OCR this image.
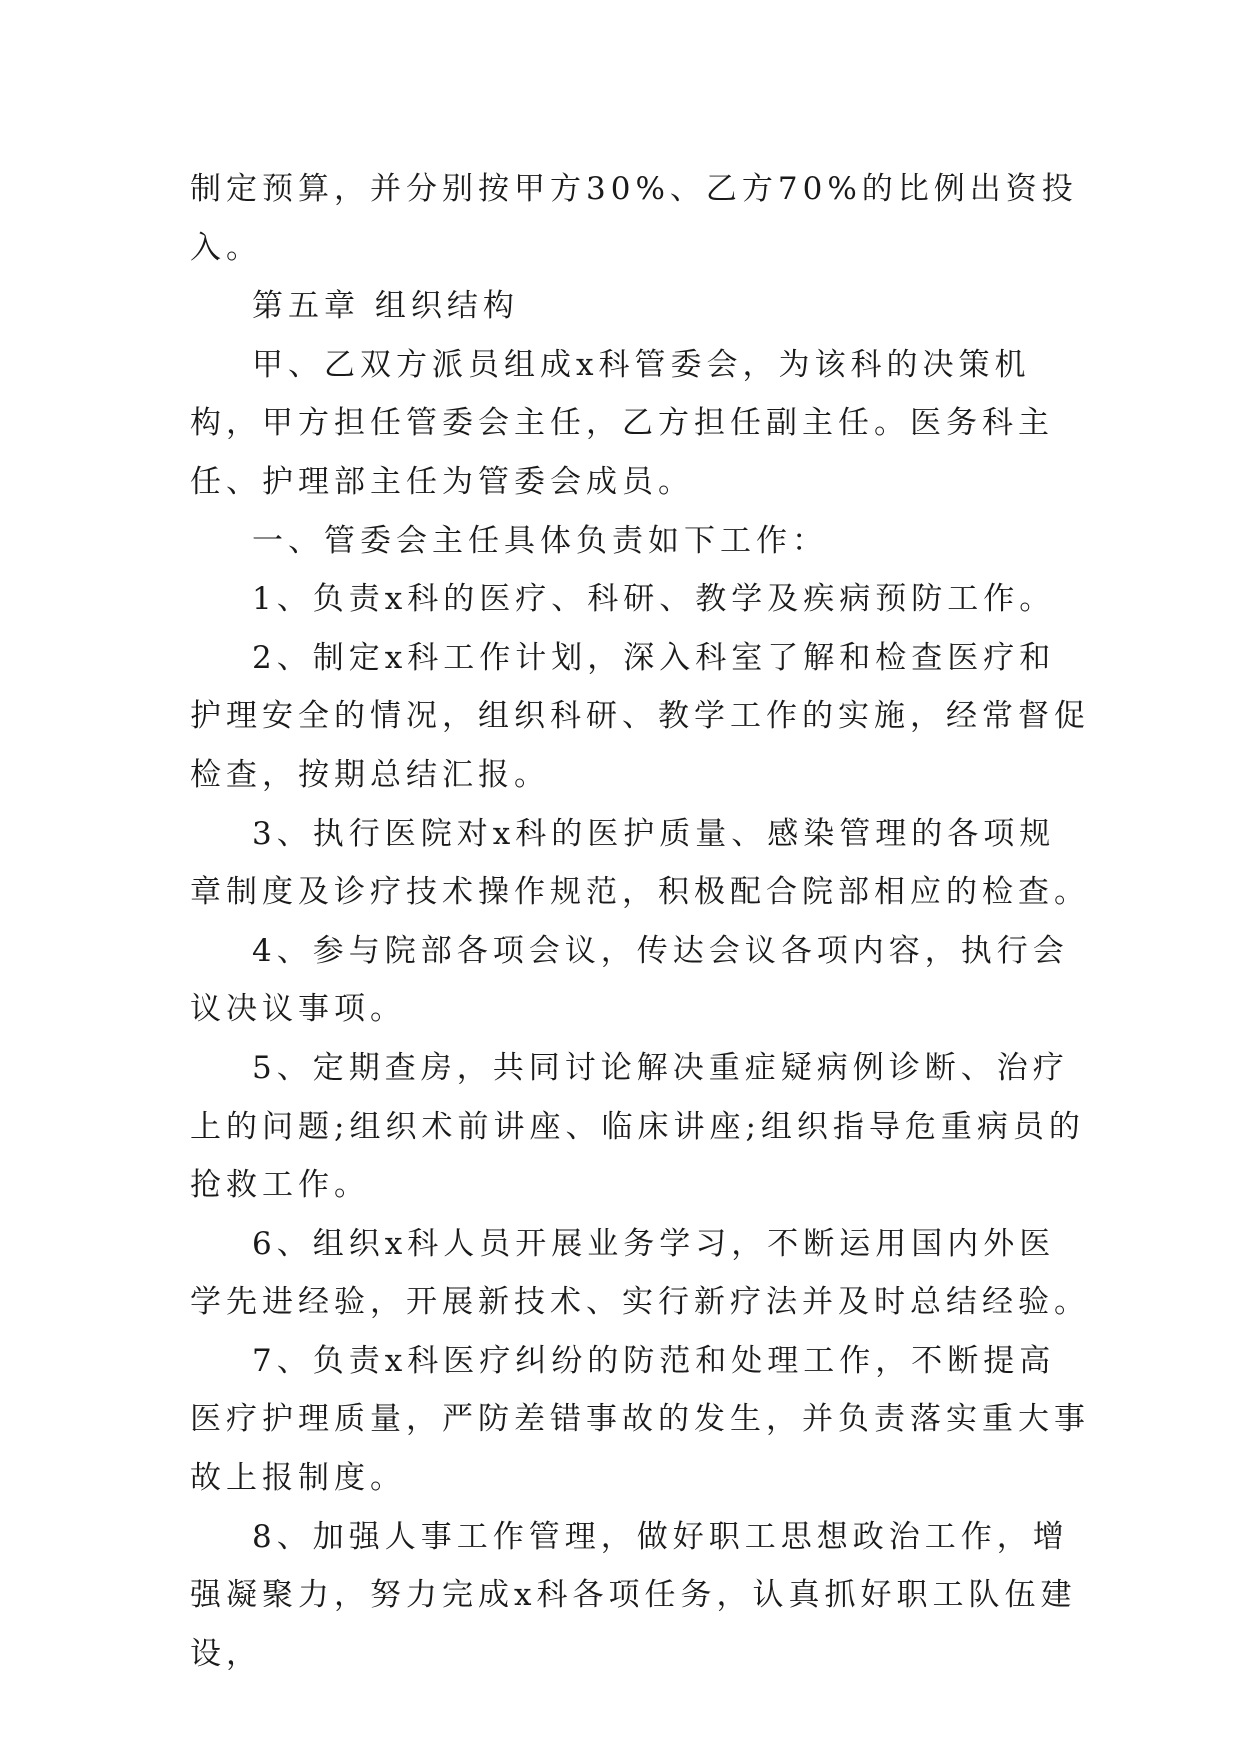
制定预算，并分别按甲方30%、乙方70%的比例出资投入。

第五章 组织结构

甲、乙双方派员组成x科管委会，为该科的决策机构，甲方担任管委会主任，乙方担任副主任。医务科主任、护理部主任为管委会成员。

一、管委会主任具体负责如下工作：

1、负责x科的医疗、科研、教学及疾病预防工作。

2、制定x科工作计划，深入科室了解和检查医疗和护理安全的情况，组织科研、教学工作的实施，经常督促检查，按期总结汇报。

3、执行医院对x科的医护质量、感染管理的各项规章制度及诊疗技术操作规范，积极配合院部相应的检查。

4、参与院部各项会议，传达会议各项内容，执行会议决议事项。

5、定期查房，共同讨论解决重症疑病例诊断、治疗上的问题;组织术前讲座、临床讲座;组织指导危重病员的抢救工作。

6、组织x科人员开展业务学习，不断运用国内外医学先进经验，开展新技术、实行新疗法并及时总结经验。

7、负责x科医疗纠纷的防范和处理工作，不断提高医疗护理质量，严防差错事故的发生，并负责落实重大事故上报制度。

8、加强人事工作管理，做好职工思想政治工作，增强凝聚力，努力完成x科各项任务，认真抓好职工队伍建设，
